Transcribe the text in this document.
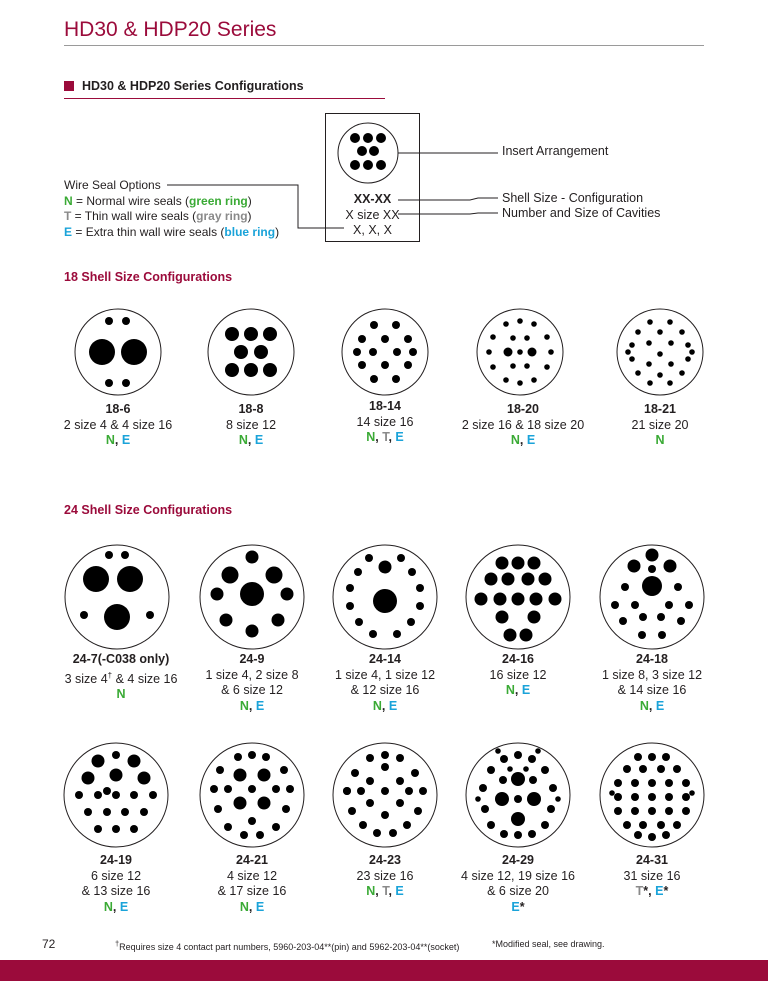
HD30 & HDP20 Series
HD30 & HDP20 Series Configurations
Wire Seal Options
N = Normal wire seals (green ring)
T = Thin wall wire seals (gray ring)
E = Extra thin wall wire seals (blue ring)
XX-XX
X size XX
X, X, X
Insert Arrangement
Shell Size - Configuration
Number and Size of Cavities
18 Shell Size Configurations
24 Shell Size Configurations
18-6
2 size 4 & 4 size 16
N, E
18-8
8 size 12
N, E
18-14
14 size 16
N, T, E
18-20
2 size 16 & 18 size 20
N, E
18-21
21 size 20
N
24-7(-C038 only)
3 size 4† & 4 size 16
N
24-9
1 size 4, 2 size 8
& 6 size 12
N, E
24-14
1 size 4, 1 size 12
& 12 size 16
N, E
24-16
16 size 12
N, E
24-18
1 size 8, 3 size 12
& 14 size 16
N, E
24-19
6 size 12
& 13 size 16
N, E
24-21
4 size 12
& 17 size 16
N, E
24-23
23 size 16
N, T, E
24-29
4 size 12, 19 size 16
& 6 size 20
E*
24-31
31 size 16
T*, E*
72	†Requires size 4 contact part numbers, 5960-203-04**(pin) and 5962-203-04**(socket)	*Modified seal, see drawing.
